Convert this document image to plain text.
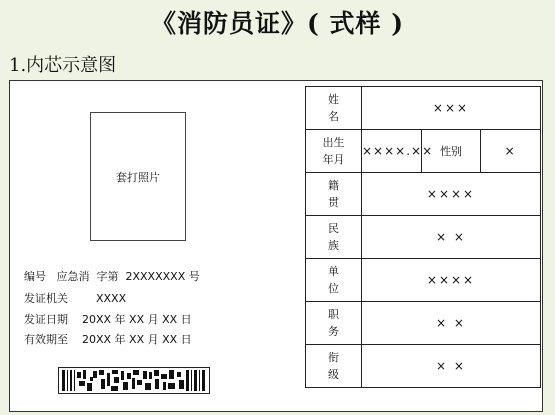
《消防员证》( 式样 )
1.内芯示意图
套打照片
编号   应急消  字第  2XXXXXXX 号
发证机关        XXXX
发证日期    20XX 年 XX 月 XX 日
有效期至    20XX 年 XX 月 XX 日
姓名	×××		
出生年月	××××.××	性别	×
籍贯	××××		
民族	× ×		
单位	××××		
职务	× ×		
衔级	× ×		
